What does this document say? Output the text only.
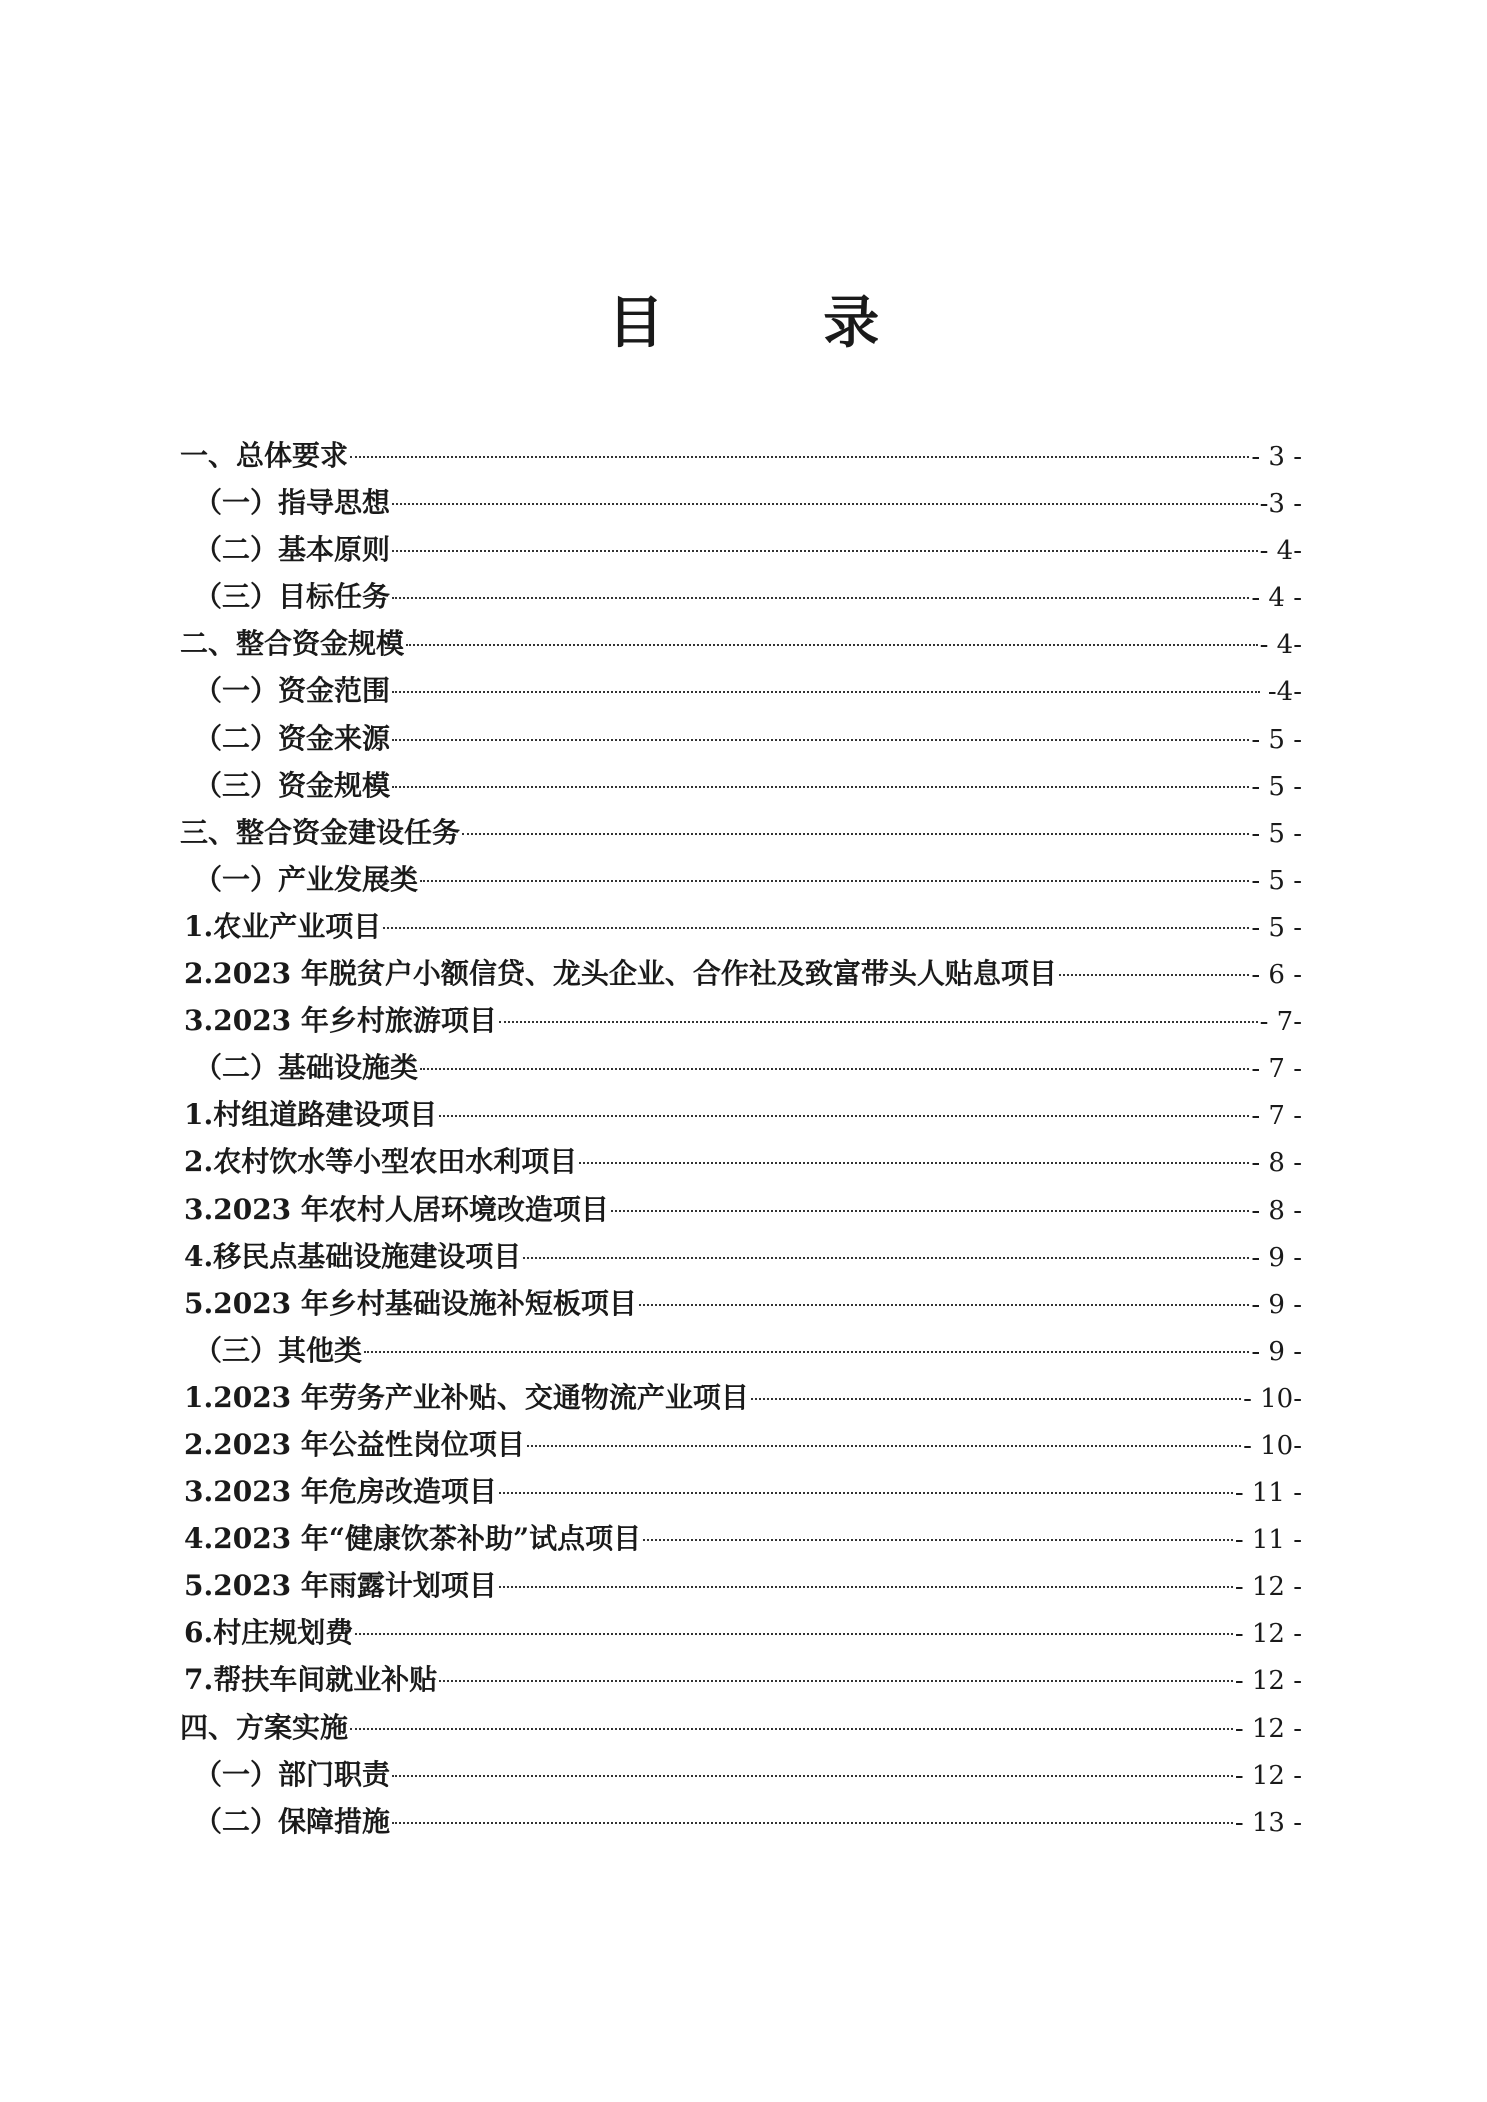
目 录
一、总体要求	- 3 -
（一）指导思想	-3 -
（二）基本原则	- 4-
（三）目标任务	- 4 -
二、整合资金规模	- 4-
（一）资金范围	-4-
（二）资金来源	- 5 -
（三）资金规模	- 5 -
三、整合资金建设任务	- 5 -
（一）产业发展类	- 5 -
1.农业产业项目	- 5 -
2.2023 年脱贫户小额信贷、龙头企业、合作社及致富带头人贴息项目	- 6 -
3.2023 年乡村旅游项目	- 7-
（二）基础设施类	- 7 -
1.村组道路建设项目	- 7 -
2.农村饮水等小型农田水利项目	- 8 -
3.2023 年农村人居环境改造项目	- 8 -
4.移民点基础设施建设项目	- 9 -
5.2023 年乡村基础设施补短板项目	- 9 -
（三）其他类	- 9 -
1.2023 年劳务产业补贴、交通物流产业项目	- 10-
2.2023 年公益性岗位项目	- 10-
3.2023 年危房改造项目	- 11 -
4.2023 年“健康饮茶补助”试点项目	- 11 -
5.2023 年雨露计划项目	- 12 -
6.村庄规划费	- 12 -
7.帮扶车间就业补贴	- 12 -
四、方案实施	- 12 -
（一）部门职责	- 12 -
（二）保障措施	- 13 -
